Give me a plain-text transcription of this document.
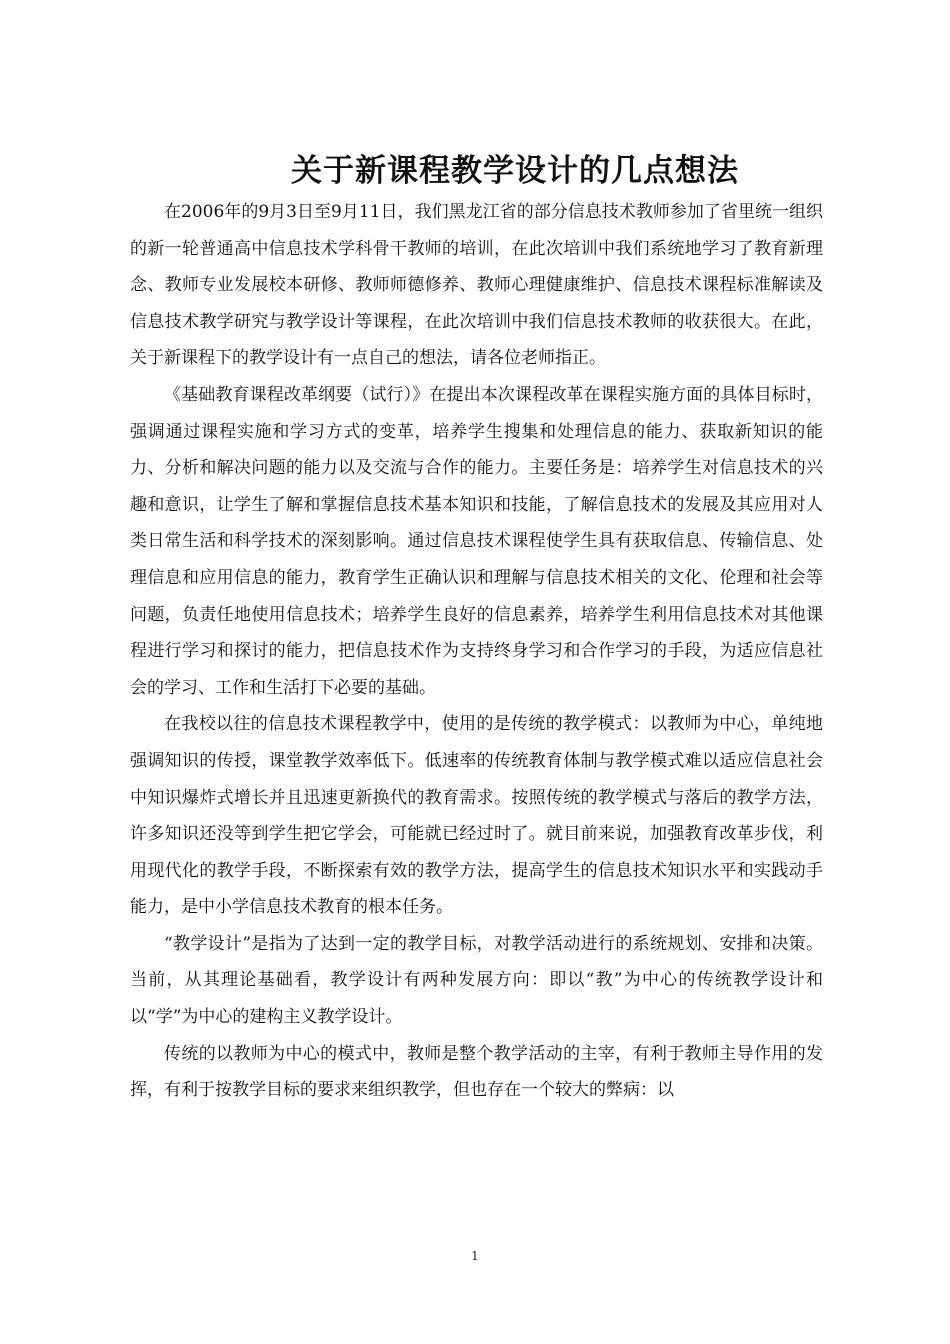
关于新课程教学设计的几点想法

在2006年的9月3日至9月11日，我们黑龙江省的部分信息技术教师参加了省里统一组织的新一轮普通高中信息技术学科骨干教师的培训，在此次培训中我们系统地学习了教育新理念、教师专业发展校本研修、教师师德修养、教师心理健康维护、信息技术课程标准解读及信息技术教学研究与教学设计等课程，在此次培训中我们信息技术教师的收获很大。在此，关于新课程下的教学设计有一点自己的想法，请各位老师指正。

《基础教育课程改革纲要（试行）》在提出本次课程改革在课程实施方面的具体目标时，强调通过课程实施和学习方式的变革，培养学生搜集和处理信息的能力、获取新知识的能力、分析和解决问题的能力以及交流与合作的能力。主要任务是：培养学生对信息技术的兴趣和意识，让学生了解和掌握信息技术基本知识和技能，了解信息技术的发展及其应用对人类日常生活和科学技术的深刻影响。通过信息技术课程使学生具有获取信息、传输信息、处理信息和应用信息的能力，教育学生正确认识和理解与信息技术相关的文化、伦理和社会等问题，负责任地使用信息技术；培养学生良好的信息素养，培养学生利用信息技术对其他课程进行学习和探讨的能力，把信息技术作为支持终身学习和合作学习的手段，为适应信息社会的学习、工作和生活打下必要的基础。

在我校以往的信息技术课程教学中，使用的是传统的教学模式：以教师为中心，单纯地强调知识的传授，课堂教学效率低下。低速率的传统教育体制与教学模式难以适应信息社会中知识爆炸式增长并且迅速更新换代的教育需求。按照传统的教学模式与落后的教学方法，许多知识还没等到学生把它学会，可能就已经过时了。就目前来说，加强教育改革步伐，利用现代化的教学手段，不断探索有效的教学方法，提高学生的信息技术知识水平和实践动手能力，是中小学信息技术教育的根本任务。

“教学设计”是指为了达到一定的教学目标，对教学活动进行的系统规划、安排和决策。当前，从其理论基础看，教学设计有两种发展方向：即以“教”为中心的传统教学设计和以“学”为中心的建构主义教学设计。

传统的以教师为中心的模式中，教师是整个教学活动的主宰，有利于教师主导作用的发挥，有利于按教学目标的要求来组织教学，但也存在一个较大的弊病：以

1
